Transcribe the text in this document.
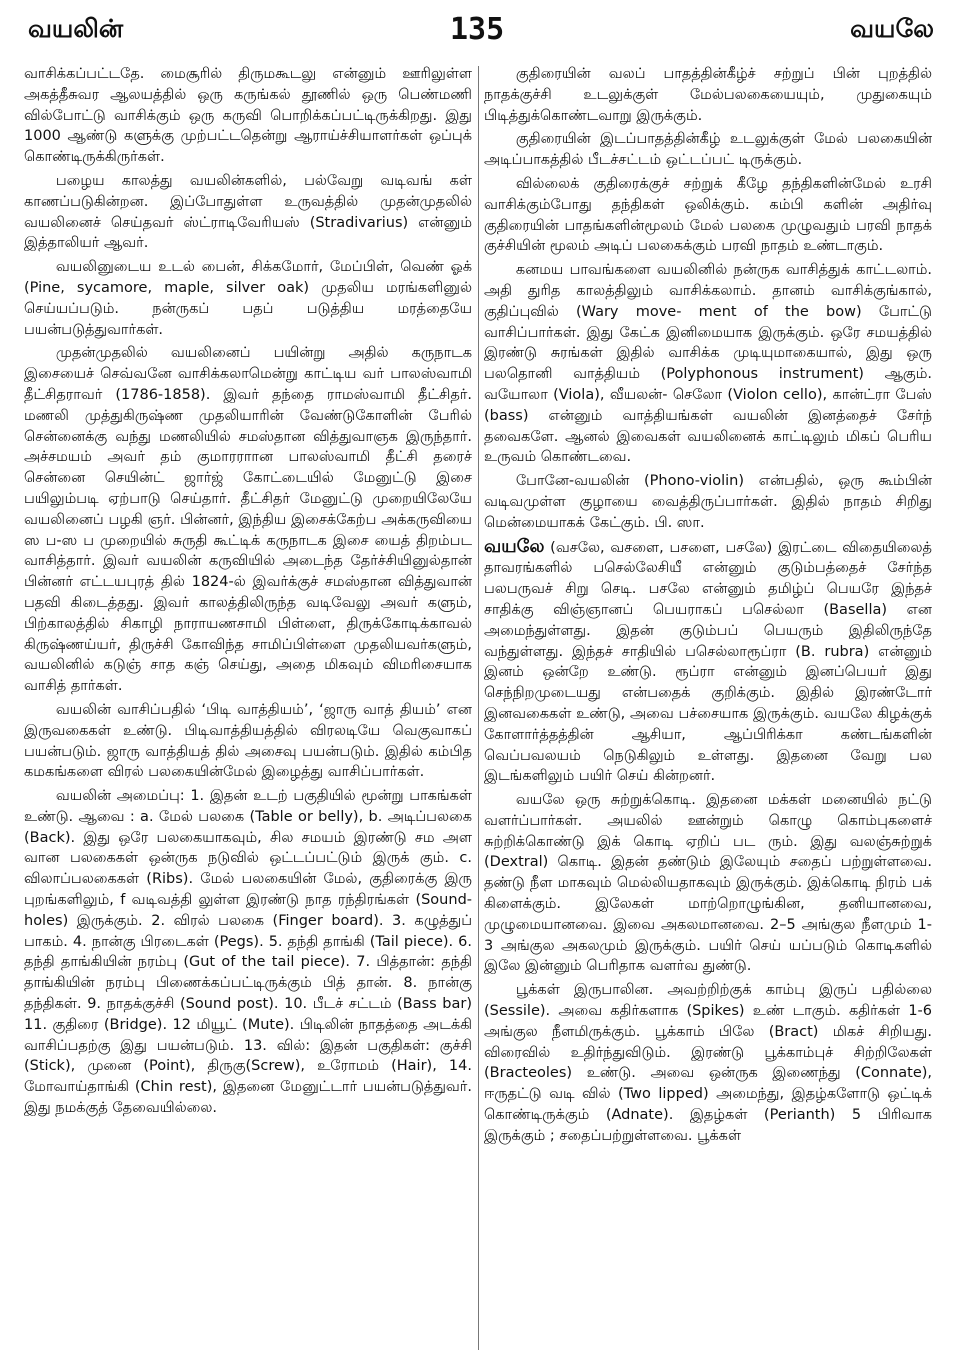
வயலின்	135	வயலே

வாசிக்கப்பட்டதே. மைசூரில் திருமகூடலு என்னும் ஊரிலுள்ள அகத்தீசுவர ஆலயத்தில் ஒரு கருங்கல் தூணில் ஒரு பெண்மணி வில்போட்டு வாசிக்கும் ஒரு கருவி பொறிக்கப்பட்டிருக்கிறது. இது 1000 ஆண்டு களுக்கு முற்பட்டதென்று ஆராய்ச்சியாளர்கள் ஒப்புக் கொண்டிருக்கிருர்கள்.

பழைய காலத்து வயலின்களில், பல்வேறு வடிவங் கள் காணப்படுகின்றன. இப்போதுள்ள உருவத்தில் முதன்முதலில் வயலினைச் செய்தவர் ஸ்ட்ராடிவேரியஸ் (Stradivarius) என்னும் இத்தாலியர் ஆவர்.

வயலினுடைய உடல் பைன், சிக்கமோர், மேப்பிள், வெண் ஓக் (Pine, sycamore, maple, silver oak) முதலிய மரங்களினுல் செய்யப்படும். நன்ருகப் பதப் படுத்திய மரத்தையே பயன்படுத்துவார்கள்.

முதன்முதலில் வயலினைப் பயின்று அதில் கருநாடக இசையைச் செவ்வனே வாசிக்கலாமென்று காட்டிய வர் பாலஸ்வாமி தீட்சிதராவர் (1786-1858). இவர் தந்தை ராமஸ்வாமி தீட்சிதர். மணலி முத்துகிருஷ்ண முதலியாரின் வேண்டுகோளின் பேரில் சென்னைக்கு வந்து மணலியில் சமஸ்தான வித்துவாஞக இருந்தார். அச்சமயம் அவர் தம் குமாரராான பாலஸ்வாமி தீட்சி தரைச் சென்னை செயின்ட் ஜார்ஜ் கோட்டையில் மேனுட்டு இசை பயிலும்படி ஏற்பாடு செய்தார். தீட்சிதர் மேனுட்டு முறையிலேயே வயலினைப் பழகி ஞர். பின்னர், இந்திய இசைக்கேற்ப அக்கருவியை ஸ ப-ஸ ப முறையில் சுருதி கூட்டிக் கருநாடக இசை யைத் திறம்பட வாசித்தார். இவர் வயலின் கருவியில் அடைந்த தேர்ச்சியினுல்தான் பின்னர் எட்டயபுரத் தில் 1824-ல் இவர்க்குச் சமஸ்தான வித்துவான் பதவி கிடைத்தது. இவர் காலத்திலிருந்த வடிவேலு அவர் களும், பிற்காலத்தில் சிகாழி நாராயணசாமி பிள்ளை, திருக்கோடிக்காவல் கிருஷ்ணய்யர், திருச்சி கோவிந்த சாமிப்பிள்ளை முதலியவர்களும், வயலினில் கடுஞ் சாத கஞ் செய்து, அதை மிகவும் விமரிசையாக வாசித் தார்கள்.

வயலின் வாசிப்பதில் ‘பிடி வாத்தியம்’, ‘ஜாரு வாத் தியம்’ என இருவகைகள் உண்டு. பிடிவாத்தியத்தில் விரலடியே வெகுவாகப் பயன்படும். ஜாரு வாத்தியத் தில் அசைவு பயன்படும். இதில் கம்பித கமகங்களை விரல் பலகையின்மேல் இழைத்து வாசிப்பார்கள்.

வயலின் அமைப்பு: 1. இதன் உடற் பகுதியில் மூன்று பாகங்கள் உண்டு. ஆவை : a. மேல் பலகை (Table or belly), b. அடிப்பலகை (Back). இது ஒரே பலகையாகவும், சில சமயம் இரண்டு சம அள வான பலகைகள் ஒன்ருக நடுவில் ஒட்டப்பட்டும் இருக் கும். c. விலாப்பலகைகள் (Ribs). மேல் பலகையின் மேல், குதிரைக்கு இரு புறங்களிலும், f வடிவத்தி லுள்ள இரண்டு நாத ரந்திரங்கள் (Sound-holes) இருக்கும். 2. விரல் பலகை (Finger board). 3. கழுத்துப் பாகம். 4. நான்கு பிரடைகள் (Pegs). 5. தந்தி தாங்கி (Tail piece). 6. தந்தி தாங்கியின் நரம்பு (Gut of the tail piece). 7. பித்தான்: தந்தி தாங்கியின் நரம்பு பிணைக்கப்பட்டிருக்கும் பித் தான். 8. நான்கு தந்திகள். 9. நாதக்குச்சி (Sound post). 10. பீடச் சட்டம் (Bass bar) 11. குதிரை (Bridge). 12 மியூட் (Mute). பிடிலின் நாதத்தை அடக்கி வாசிப்பதற்கு இது பயன்படும். 13. வில்: இதன் பகுதிகள்: குச்சி (Stick), முனை (Point), திருகு(Screw), உரோமம் (Hair), 14. மோவாய்தாங்கி (Chin rest), இதனை மேனுட்டார் பயன்படுத்துவர். இது நமக்குத் தேவையில்லை.

குதிரையின் வலப் பாதத்தின்கீழ்ச் சற்றுப் பின் புறத்தில் நாதக்குச்சி உடலுக்குள் மேல்பலகையையும், முதுகையும் பிடித்துக்கொண்டவாறு இருக்கும்.

குதிரையின் இடப்பாதத்தின்கீழ் உடலுக்குள் மேல் பலகையின் அடிப்பாகத்தில் பீடச்சட்டம் ஒட்டப்பட் டிருக்கும்.

வில்லைக் குதிரைக்குச் சற்றுக் கீழே தந்திகளின்மேல் உரசி வாசிக்கும்போது தந்திகள் ஒலிக்கும். கம்பி களின் அதிர்வு குதிரையின் பாதங்களின்மூலம் மேல் பலகை முழுவதும் பரவி நாதக் குச்சியின் மூலம் அடிப் பலகைக்கும் பரவி நாதம் உண்டாகும்.

கனமய பாவங்களை வயலினில் நன்ருக வாசித்துக் காட்டலாம். அதி துரித காலத்திலும் வாசிக்கலாம். தானம் வாசிக்குங்கால், குதிப்புவில் (Wary move- ment of the bow) போட்டு வாசிப்பார்கள். இது கேட்க இனிமையாக இருக்கும். ஒரே சமயத்தில் இரண்டு சுரங்கள் இதில் வாசிக்க முடியுமாகையால், இது ஒரு பலதொனி வாத்தியம் (Polyphonous instrument) ஆகும். வயோலா (Viola), வீயலன்- செலோ (Violon cello), கான்ட்ரா பேஸ் (bass) என்னும் வாத்தியங்கள் வயலின் இனத்தைச் சேர்ந் தவைகளே. ஆனல் இவைகள் வயலினைக் காட்டிலும் மிகப் பெரிய உருவம் கொண்டவை.

போனே-வயலின் (Phono-violin) என்பதில், ஒரு கூம்பின் வடிவமுள்ள குழாயை வைத்திருப்பார்கள். இதில் நாதம் சிறிது மென்மையாகக் கேட்கும். பி. ஸா.

வயலே (வசலே, வசளை, பசளை, பசலே) இரட்டை விதையிலைத் தாவரங்களில் பசெல்லேசியீ என்னும் குடும்பத்தைச் சேர்ந்த பலபருவச் சிறு செடி. பசலே என்னும் தமிழ்ப் பெயரே இந்தச் சாதிக்கு விஞ்ஞானப் பெயராகப் பசெல்லா (Basella) என அமைந்துள்ளது. இதன் குடும்பப் பெயரும் இதிலிருந்தே வந்துள்ளது. இந்தச் சாதியில் பசெல்லாரூப்ரா (B. rubra) என்னும் இனம் ஒன்றே உண்டு. ரூப்ரா என்னும் இனப்பெயர் இது செந்நிறமுடையது என்பதைக் குறிக்கும். இதில் இரண்டோர் இனவகைகள் உண்டு, அவை பச்சையாக இருக்கும். வயலே கிழக்குக் கோளார்த்தத்தின் ஆசியா, ஆப்பிரிக்கா கண்டங்களின் வெப்பவலயம் நெடுகிலும் உள்ளது. இதனை வேறு பல இடங்களிலும் பயிர் செய் கின்றனர்.

வயலே ஒரு சுற்றுக்கொடி. இதனை மக்கள் மனையில் நட்டு வளர்ப்பார்கள். அயலில் ஊன்றும் கொழு கொம்புகளைச் சுற்றிக்கொண்டு இக் கொடி ஏறிப் பட ரும். இது வலஞ்சுற்றுக் (Dextral) கொடி. இதன் தண்டும் இலேயும் சதைப் பற்றுள்ளவை. தண்டு நீள மாகவும் மெல்லியதாகவும் இருக்கும். இக்கொடி நிரம் பக் கிளைக்கும். இலேகள் மாற்றொழுங்கின, தனியானவை, முழுமையானவை. இவை அகலமானவை. 2–5 அங்குல நீளமும் 1-3 அங்குல அகலமும் இருக்கும். பயிர் செய் யப்படும் கொடிகளில் இலே இன்னும் பெரிதாக வளர்வ துண்டு.

பூக்கள் இருபாலின. அவற்றிற்குக் காம்பு இருப் பதில்லை (Sessile). அவை கதிர்களாக (Spikes) உண் டாகும். கதிர்கள் 1-6 அங்குல நீளமிருக்கும். பூக்காம் பிலே (Bract) மிகச் சிறியது. விரைவில் உதிர்ந்துவிடும். இரண்டு பூக்காம்புச் சிற்றிலேகள் (Bracteoles) உண்டு. அவை ஒன்ருக இணைந்து (Connate), ஈருதட்டு வடி வில் (Two lipped) அமைந்து, இதழ்களோடு ஒட்டிக் கொண்டிருக்கும் (Adnate). இதழ்கள் (Perianth) 5 பிரிவாக இருக்கும் ; சதைப்பற்றுள்ளவை. பூக்கள்
